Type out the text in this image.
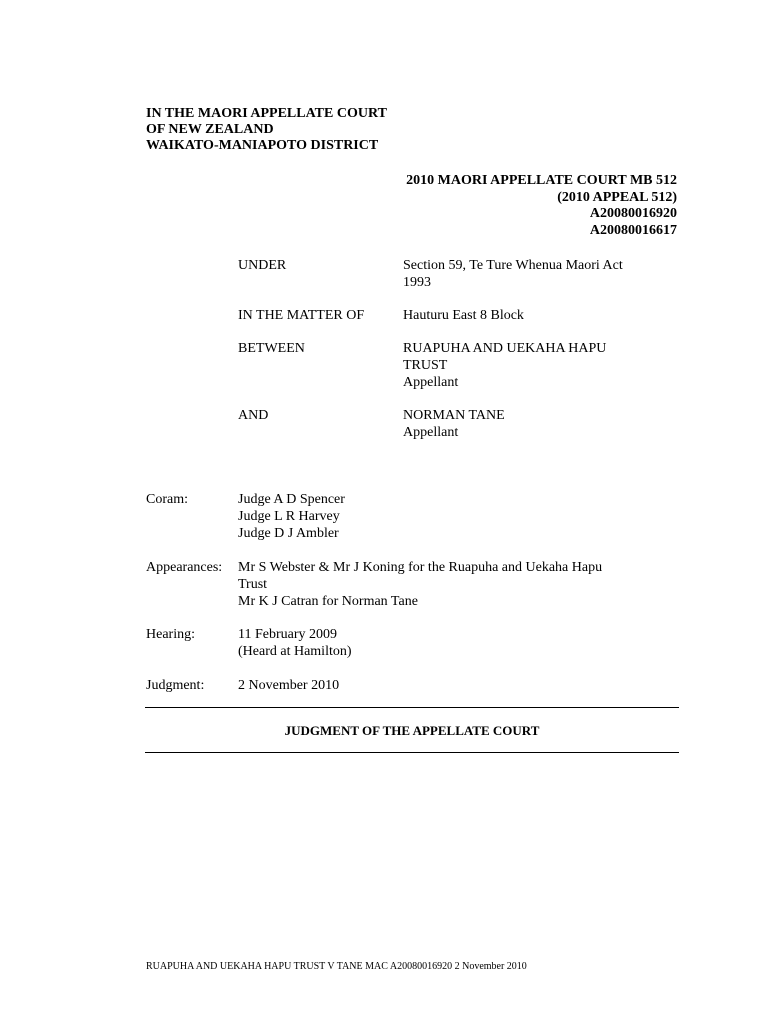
IN THE MAORI APPELLATE COURT
OF NEW ZEALAND
WAIKATO-MANIAPOTO DISTRICT
2010 MAORI APPELLATE COURT MB 512
(2010 APPEAL 512)
A20080016920
A20080016617
UNDER	Section 59, Te Ture Whenua Maori Act
1993
IN THE MATTER OF	Hauturu East 8 Block
BETWEEN	RUAPUHA AND UEKAHA HAPU
TRUST
Appellant
AND	NORMAN TANE
Appellant
Coram:	Judge A D Spencer
Judge L R Harvey
Judge D J Ambler
Appearances: Mr S Webster & Mr J Koning for the Ruapuha and Uekaha Hapu
Trust
Mr K J Catran for Norman Tane
Hearing:	11 February 2009
(Heard at Hamilton)
Judgment: 2 November 2010
JUDGMENT OF THE APPELLATE COURT
RUAPUHA AND UEKAHA HAPU TRUST V TANE MAC A20080016920 2 November 2010
